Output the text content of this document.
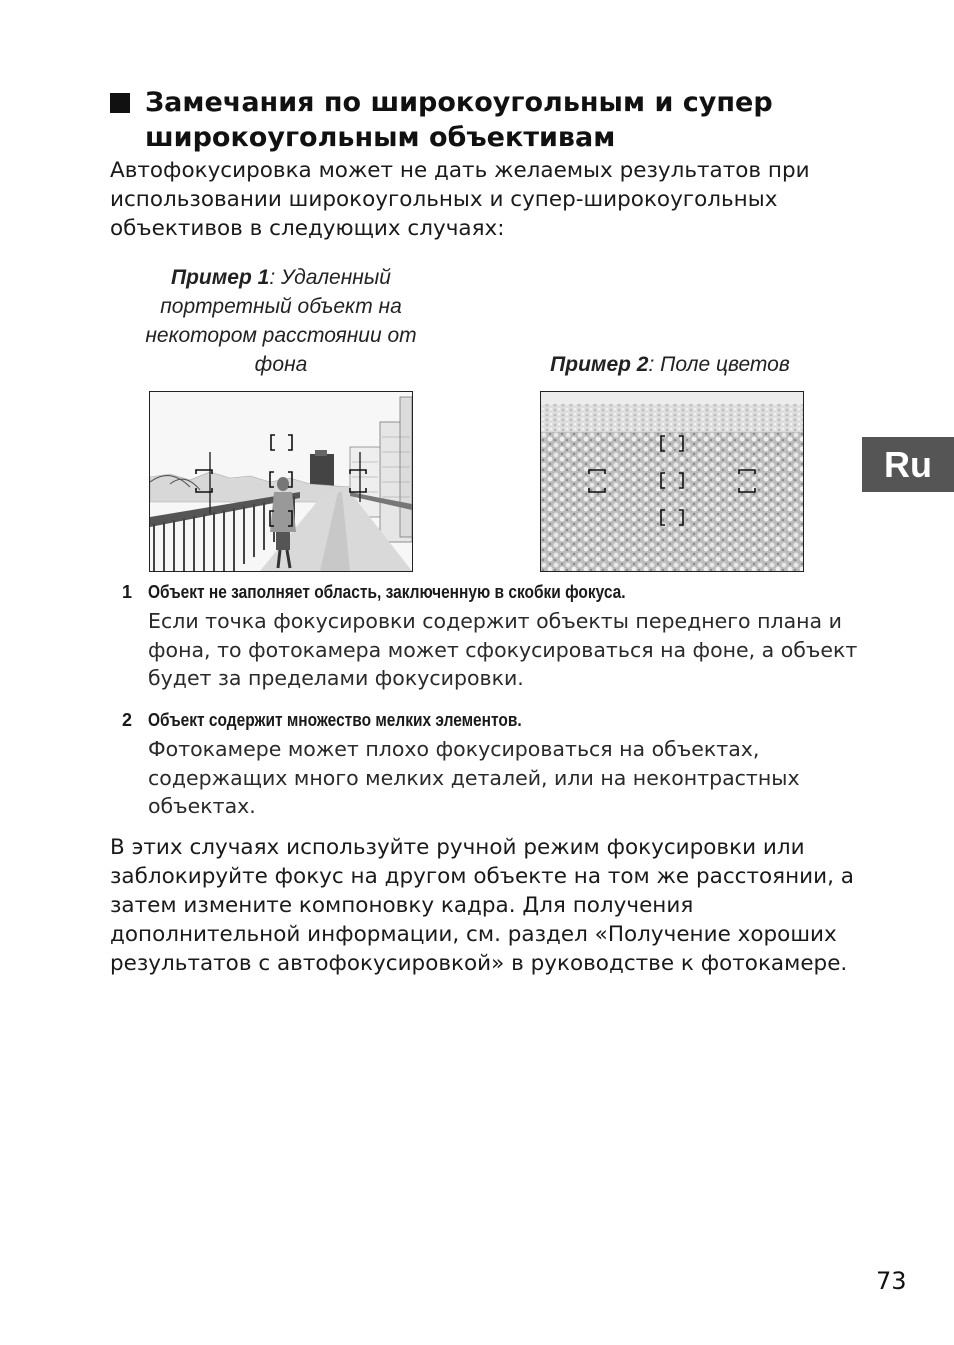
Замечания по широкоугольным и супер
широкоугольным объективам
Автофокусировка может не дать желаемых результатов при
использовании широкоугольных и супер-широкоугольных
объективов в следующих случаях:
Пример 1: Удаленный
портретный объект на
некотором расстоянии от
фона	Пример 2: Поле цветов
1 Объект не заполняет область, заключенную в скобки фокуса.
Если точка фокусировки содержит объекты переднего плана и
фона, то фотокамера может сфокусироваться на фоне, а объект
будет за пределами фокусировки.
2 Объект содержит множество мелких элементов.
Фотокамере может плохо фокусироваться на объектах,
содержащих много мелких деталей, или на неконтрастных
объектах.
В этих случаях используйте ручной режим фокусировки или
заблокируйте фокус на другом объекте на том же расстоянии, а
затем измените компоновку кадра. Для получения
дополнительной информации, см. раздел «Получение хороших
результатов с автофокусировкой» в руководстве к фотокамере.
Ru
73
